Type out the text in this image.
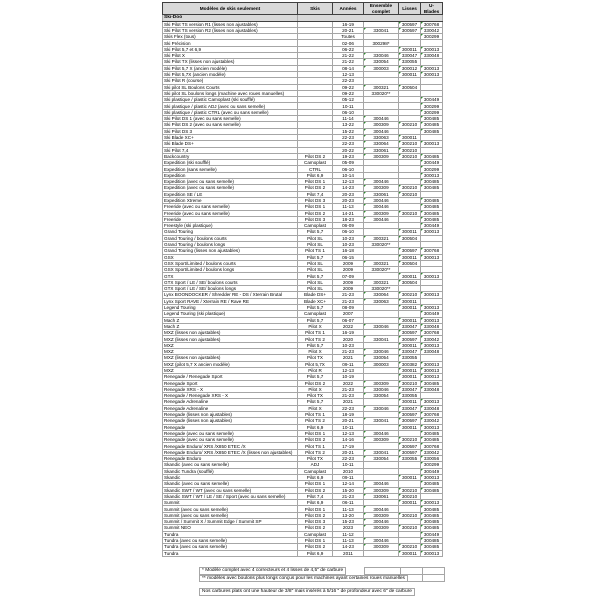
Modèles de skis seulement	Skis	Années	Ensemble complet	Lisses	U-Blades
Ski-Doo					
Ski Pilot TS version R1 (lisses non ajustables)		16-19		300597	300768
Ski Pilot TS version R2 (lisses non ajustables)		20-21	330041	300597	330042
Skis Flex (tous)		Toutes			300299
Ski Précision		02-06	300298*		
Ski Pilot 5,7 et 6,9		06-22		300011	300013
Ski Pilot X		21-22	330046	330047	330048
Ski Pilot TX (lisses non ajustables)		21-22	330054	330055	
Ski Pilot 5,7 X (ancien modèle)		08-14	300003	300012	300013
Ski Pilot 5,7X (ancien modèle)		12-13		300011	300013
Ski Pilot R (course)		22-23			
Ski pilot SL Boulons Courts		09-22	300321	300504	
Ski pilot SL boulons longs (machine avec roues manuelles)		09-22	330020**		
Ski plastique / plastic Camoplast (ski soufflé)		05-12			300449
Ski plastique / plastic ADJ (avec ou sans semelle)		10-11			300299
Ski plastique / plastic CTRL (avec ou sans semelle)		06-10			300299
Ski Pilot DS 1 (avec ou sans semelle)		11-14	300446		300485
Ski Pilot DS 2 (avec ou sans semelle)		13-22	300309	300210	300485
Ski Pilot DS 3		15-22	300446		300485
Ski Blade XC+		22-23	330063	300011	
Ski Blade DS+		22-23	330064	300210	300013
Ski Pilot 7,4		20-22	330061	300210	
Backcountry	Pilot DS 2	19-23	300309	300210	300485
Expedition (ski soufflé)	Camoplast	05-09			300449
Expedition (sans semelle)	CTRL	06-10			300299
Expedition	Pilot 6,9	10-14			300013
Expedition (avec ou sans semelle)	Pilot DS 1	12-13	300446		300485
Expedition (avec ou sans semelle)	Pilot DS 2	14-23	300309	300210	300485
Expedition SE / LE	Pilot 7,4	20-23	330061	300210	
Expedition Xtreme	Pilot DS 3	20-23	300446		300485
Freeride (avec ou sans semelle)	Pilot DS 1	11-13	300446		300485
Freeride (avec ou sans semelle)	Pilot DS 2	14-21	300309	300210	300485
Freeride	Pilot DS 3	18-23	300446		300485
Freestyle (ski plastique)	Camoplast	06-09			300449
Grand Touring	Pilot 5,7	06-10		300011	300013
Grand Touring / boulons courts	Pilot SL	10-23	300321	300504	
Grand Touring / boulons longs	Pilot SL	10-23	330020**		
Grand Touring (lisses non ajustables)	Pilot TS 1	16-18		300597	300768
GSX	Pilot 5,7	06-15		300011	300013
GSX Sport/Limited / boulons courts	Pilot SL	2009	300321	300504	
GSX Sport/Limited / boulons longs	Pilot SL	2009	330020**		
GTX	Pilot 5,7	07-09		300011	300013
GTX Sport / LE / SE/ boulons courts	Pilot SL	2009	300321	300504	
GTX Sport / LE / SE/ boulons longs	Pilot SL	2009	330020**		
Lynx BOONDOCKER / Shredder RE - DS / Xterrain Brutal	Blade DS+	21-23	330064	300210	300013
Lynx Sport RAVE / Xterrain RE / Rave RE	Blade XC+	21-23	330063	300011	
Legend Touring	Pilot 5,7	08-09		300011	300013
Legend Touring (ski plastique)	Camoplast	2007			300449
Mach Z	Pilot 5,7	06-07		300011	300013
Mach Z	Pilot X	2022	330046	330047	330048
MXZ (lisses non ajustables)	Pilot TS 1	16-19		300597	300768
MXZ (lisses non ajustables)	Pilot TS 2	2020	330041	300597	330042
MXZ	Pilot 5,7	10-23		300011	300013
MXZ	Pilot X	21-23	330046	330047	330048
MXZ (lisses non ajustables)	Pilot TX	2021	330054	330055	
MXZ (pilot 5,7 X ancien modèle)	Pilot 5,7X	09-11	300003	300382	300013
MXZ	Pilot R	12-13		300011	300013
Renegade / Renegade Sport	Pilot 5,7	10-19		300011	300013
Renegade Sport	Pilot DS 2	2022	300309	300210	300485
Renegade XRS - X	Pilot X	21-23	330046	330047	330048
Renegade / Renegade XRS - X	Pilot TX	21-23	330054	330055	
Renegade Adrenaline	Pilot 5,7	2021		300011	300013
Renegade Adrenaline	Pilot X	22-23	330046	330047	330048
Renegade (lisses non ajustables)	Pilot TS 1	18-19		300597	300768
Renegade (lisses non ajustables)	Pilot TS 2	20-21	330041	300597	330042
Renegade	Pilot 6,9	10-11		300011	300013
Renegade (avec ou sans semelle)	Pilot DS 1	12-13	300446		300485
Renegade (avec ou sans semelle)	Pilot DS 2	14-16	300309	300210	300485
Renegade Enduro/ XRS /X850 ETEC /X	Pilot TS 1	17-19		300597	300768
Renegade Enduro/ XRS /X850 ETEC /X (lisses non ajustables)	Pilot TS 2	20-21	330041	300597	330042
Renegade Enduro	Pilot TX	22-23	330054	330055	330056
Skandic (avec ou sans semelle)	ADJ	10-11			300299
Skandic Tundra (soufflé)	Camoplast	2010			300449
Skandic	Pilot 6,9	09-11		300011	300013
Skandic (avec ou sans semelle)	Pilot DS 1	12-14	300446		300485
Skandic SWT / WT (avec ou sans semelle)	Pilot DS 2	15-20	300309	300210	300485
Skandic SWT / WT / LE / SE / Sport (avec ou sans semelle)	Pilot 7,4	21-23	330061	300210	
Summit	Pilot 6,9	06-11		300011	300013
Summit (avec ou sans semelle)	Pilot DS 1	11-13	300446		300485
Summit (avec ou sans semelle)	Pilot DS 2	13-20	300309	300210	300485
Summit / Summit X / Summit Edge / Summit SP	Pilot DS 3	15-23	300446		300485
Summit NEO	Pilot DS 2	2023	300309	300210	300485
Tundra	Camoplast	11-12			300449
Tundra (avec ou sans semelle)	Pilot DS 1	11-13	300446		300485
Tundra (avec ou sans semelle)	Pilot DS 2	14-23	300309	300210	300485
Tundra	Pilot 6,9	2011		300011	300013

* Modèle complet avec 4 correcteurs et 4 lisses de 4,5" de carbure
** modèles avec boulons plus longs conçus pour les machines ayant certaines roues manuelles
Nos carbures plats ont une hauteur de 3/8" mais insérés à 5/16 " de profondeur avec 6" de carbure
